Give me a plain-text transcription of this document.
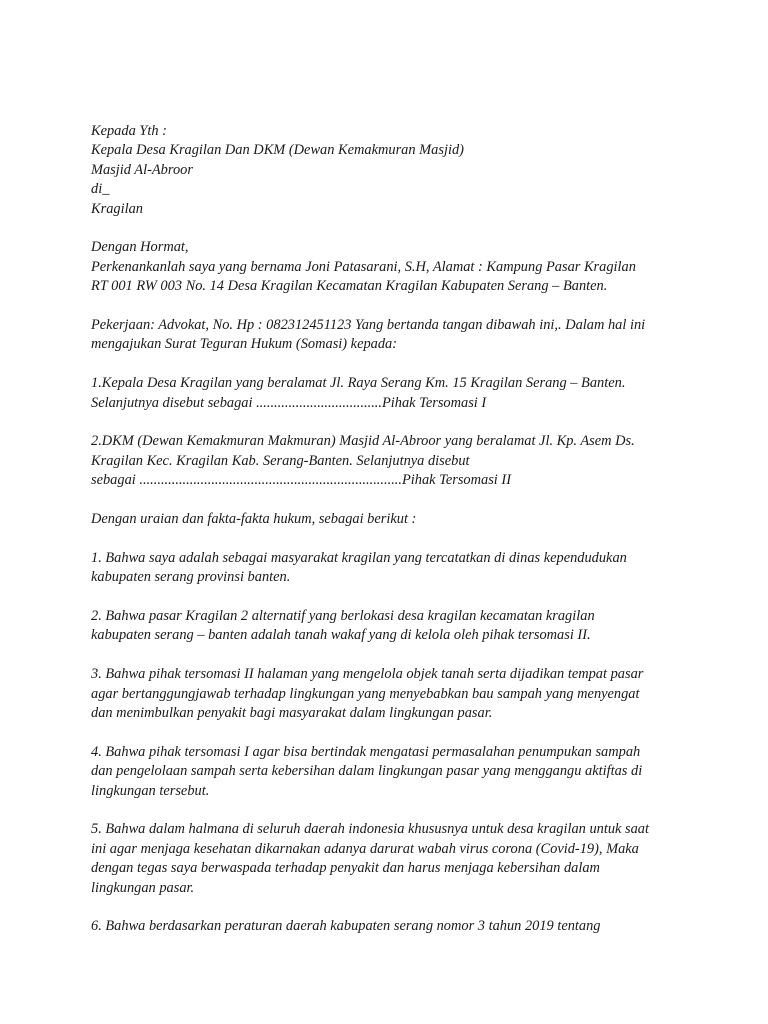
Kepada Yth :
Kepala Desa Kragilan Dan DKM (Dewan Kemakmuran Masjid)
Masjid Al-Abroor
di_
Kragilan
Dengan Hormat,
Perkenankanlah saya yang bernama Joni Patasarani, S.H, Alamat : Kampung Pasar Kragilan
RT 001 RW 003 No. 14 Desa Kragilan Kecamatan Kragilan Kabupaten Serang – Banten.
Pekerjaan: Advokat, No. Hp : 082312451123 Yang bertanda tangan dibawah ini,. Dalam hal ini
mengajukan Surat Teguran Hukum (Somasi) kepada:
1.Kepala Desa Kragilan yang beralamat Jl. Raya Serang Km. 15 Kragilan Serang – Banten.
Selanjutnya disebut sebagai ...................................Pihak Tersomasi I
2.DKM (Dewan Kemakmuran Makmuran) Masjid Al-Abroor yang beralamat Jl. Kp. Asem Ds.
Kragilan Kec. Kragilan Kab. Serang-Banten. Selanjutnya disebut
sebagai .........................................................................Pihak Tersomasi II
Dengan uraian dan fakta-fakta hukum, sebagai berikut :
1. Bahwa saya adalah sebagai masyarakat kragilan yang tercatatkan di dinas kependudukan
kabupaten serang provinsi banten.
2. Bahwa pasar Kragilan 2 alternatif yang berlokasi desa kragilan kecamatan kragilan
kabupaten serang – banten adalah tanah wakaf yang di kelola oleh pihak tersomasi II.
3. Bahwa pihak tersomasi II halaman yang mengelola objek tanah serta dijadikan tempat pasar
agar bertanggungjawab terhadap lingkungan yang menyebabkan bau sampah yang menyengat
dan menimbulkan penyakit bagi masyarakat dalam lingkungan pasar.
4. Bahwa pihak tersomasi I agar bisa bertindak mengatasi permasalahan penumpukan sampah
dan pengelolaan sampah serta kebersihan dalam lingkungan pasar yang menggangu aktiftas di
lingkungan tersebut.
5. Bahwa dalam halmana di seluruh daerah indonesia khususnya untuk desa kragilan untuk saat
ini agar menjaga kesehatan dikarnakan adanya darurat wabah virus corona (Covid-19), Maka
dengan tegas saya berwaspada terhadap penyakit dan harus menjaga kebersihan dalam
lingkungan pasar.
6. Bahwa berdasarkan peraturan daerah kabupaten serang nomor 3 tahun 2019 tentang
